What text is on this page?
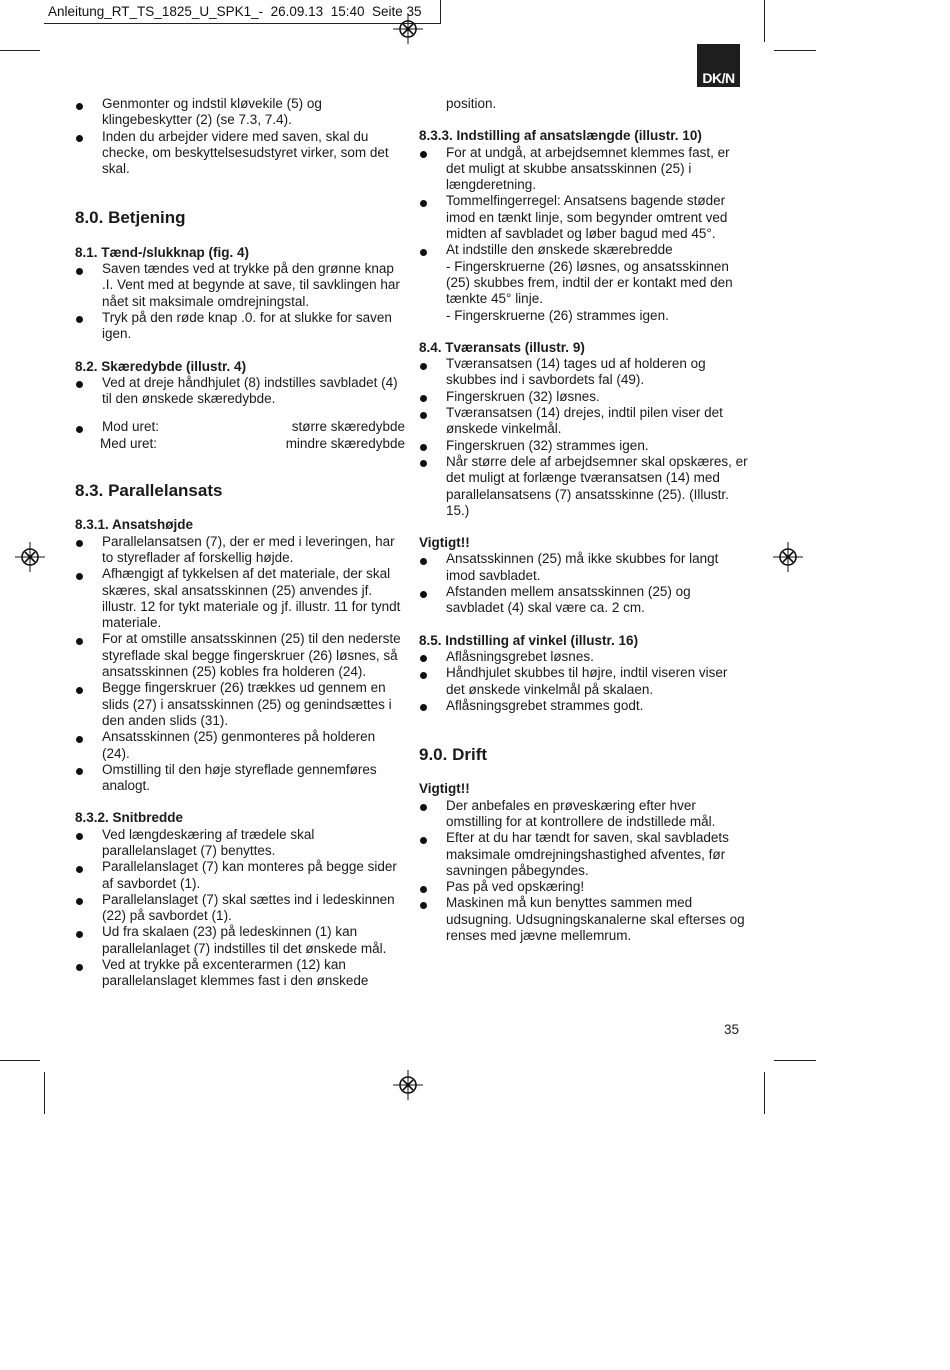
Anleitung_RT_TS_1825_U_SPK1_-  26.09.13  15:40  Seite 35
DK/N
Genmonter og indstil kløvekile (5) og klingebeskytter (2) (se 7.3, 7.4).
Inden du arbejder videre med saven, skal du checke, om beskyttelsesudstyret virker, som det skal.
8.0. Betjening
8.1. Tænd-/slukknap (fig. 4)
Saven tændes ved at trykke på den grønne knap .I. Vent med at begynde at save, til savklingen har nået sit maksimale omdrejningstal.
Tryk på den røde knap .0. for at slukke for saven igen.
8.2. Skæredybde (illustr. 4)
Ved at dreje håndhjulet (8) indstilles savbladet (4) til den ønskede skæredybde.
Mod uret:	større skæredybde
Med uret:	mindre skæredybde
8.3. Parallelansats
8.3.1. Ansatshøjde
Parallelansatsen (7), der er med i leveringen, har to styreflader af forskellig højde.
Afhængigt af tykkelsen af det materiale, der skal skæres, skal ansatsskinnen (25) anvendes jf. illustr. 12 for tykt materiale og jf. illustr. 11 for tyndt materiale.
For at omstille ansatsskinnen (25) til den nederste styreflade skal begge fingerskruer (26) løsnes, så ansatsskinnen (25) kobles fra holderen (24).
Begge fingerskruer (26) trækkes ud gennem en slids (27) i ansatsskinnen (25) og genindsættes i den anden slids (31).
Ansatsskinnen (25) genmonteres på holderen (24).
Omstilling til den høje styreflade gennemføres analogt.
8.3.2. Snitbredde
Ved længdeskæring af trædele skal parallelanslaget (7) benyttes.
Parallelanslaget (7) kan monteres på begge sider af savbordet (1).
Parallelanslaget (7) skal sættes ind i ledeskinnen (22) på savbordet (1).
Ud fra skalaen (23) på ledeskinnen (1) kan parallelanlaget (7) indstilles til det ønskede mål.
Ved at trykke på excenterarmen (12) kan parallelanslaget klemmes fast i den ønskede
position.
8.3.3. Indstilling af ansatslængde (illustr. 10)
For at undgå, at arbejdsemnet klemmes fast, er det muligt at skubbe ansatsskinnen (25) i længderetning.
Tommelfingerregel: Ansatsens bagende støder imod en tænkt linje, som begynder omtrent ved midten af savbladet og løber bagud med 45°.
At indstille den ønskede skærebredde
- Fingerskruerne (26) løsnes, og ansatsskinnen (25) skubbes frem, indtil der er kontakt med den tænkte 45° linje.
- Fingerskruerne (26) strammes igen.
8.4. Tværansats (illustr. 9)
Tværansatsen (14) tages ud af holderen og skubbes ind i savbordets fal (49).
Fingerskruen (32) løsnes.
Tværansatsen (14) drejes, indtil pilen viser det ønskede vinkelmål.
Fingerskruen (32) strammes igen.
Når større dele af arbejdsemner skal opskæres, er det muligt at forlænge tværansatsen (14) med parallelansatsens (7) ansatsskinne (25). (Illustr. 15.)
Vigtigt!!
Ansatsskinnen (25) må ikke skubbes for langt imod savbladet.
Afstanden mellem ansatsskinnen (25) og savbladet (4) skal være ca. 2 cm.
8.5. Indstilling af vinkel (illustr. 16)
Aflåsningsgrebet løsnes.
Håndhjulet skubbes til højre, indtil viseren viser det ønskede vinkelmål på skalaen.
Aflåsningsgrebet strammes godt.
9.0. Drift
Vigtigt!!
Der anbefales en prøveskæring efter hver omstilling for at kontrollere de indstillede mål.
Efter at du har tændt for saven, skal savbladets maksimale omdrejningshastighed afventes, før savningen påbegyndes.
Pas på ved opskæring!
Maskinen må kun benyttes sammen med udsugning. Udsugningskanalerne skal efterses og renses med jævne mellemrum.
35
